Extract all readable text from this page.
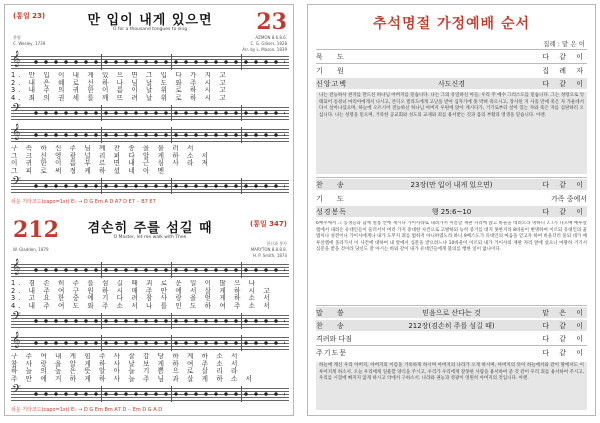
(통일 23)	만 입이 내게 있으면	23
O for a thousand tongues to sing
찬양
C. Wesley, 1739
AZMON 8.6.8.6.
C. G. Gläser, 1828
Arr. by L. Mason, 1839
𝄞
1. 만 입 이 내 게 있 으 면 그 입 다 가 지 고
2. 내 은 혜 로 신 하 나 님 날 도 와 주 시 고
3. 내 주 의 귀 한 이 름 이 날 위 로 하 시 고
4. 죄 의 권 세 를 깨 뜨 려 날 위 로 하 시 고
𝄢
𝄞
구 속 하 신 주 님 께 찬 송 을 불 러 서
그 크 신 영 광 널 리 펴 다 알 게 하 소 서
이 귀 한 이 름 부 르 면 내 근 심 사 라 져
그 피 로 써 정 케 하 셨 네 아 멘
𝄢
쉬운 기타코드(capo=1st) E♭ → D G Em A D A7 D E7 ·· B7 E7
212	겸손히 주를 섬길 때	(통일 347)
O Master, let me walk with Thee
W. Gladden, 1879
헌신과 봉사
MARYTON 8.8.8.8.
H. P. Smith, 1874
𝄞
1. 겸 손 히 주 를 섬 길 때 괴 로 운 일 이 많 으 나
2. 내 주 여 구 원 하 시 매 주 안 에 서 살 게 하 시 고
3. 고 요 한 중 에 기 다 려 참 사 랑 을 얻 게 하 소 서
4. 내 주 여 도 와 주 소 서 나 를 인 도 하 여 주 소 서
𝄢
𝄞
구 주 여 내 게 힘 주 사 잘 감 당 하 게 하 소 서
참 사 랑 을 알 게 하 사 날 보 게 하 여 주 소 서
하 늘 의 높 은 뜻 알 아 늘 기 쁨 으 로 살 리 라
주 안 에 거 하 게 하 사 늘 주 님 과 살 게 하 소 서
𝄢
쉬운 기타코드(capo=1st) E♭ → D G Em Bm A7 D ·· Em D G A D
추석명절 가정예배 순서
집례 : 맡 은 이
묵 도	다 같 이
기 원	집 례 자
신앙고백	사도신경	다 같 이
나는 전능하사 천지를 만드신 하나님 아버지를 믿습니다. 나는 그의 유일하신 아들, 우리 주 예수 그리스도를 믿습니다. 그는 성령으로 잉태되어 동정녀 마리아에게서 나시고, 본디오 빌라도에게 고난을 받아 십자가에 못 박혀 죽으시고, 장사된 지 사흘 만에 죽은 자 가운데서 다시 살아나셨으며, 하늘에 오르시어 전능하신 하나님 아버지 우편에 앉아 계시다가, 거기로부터 살아 있는 자와 죽은 자를 심판하러 오십니다. 나는 성령을 믿으며, 거룩한 공교회와 성도의 교제와 죄를 용서받는 것과 몸의 부활과 영생을 믿습니다. 아멘.
찬 송	23장(만 입이 내게 있으면)	다 같 이
기 도	가족 중에서
성경봉독	행 25:6~10	다 같 이
6예수께서 그 동생들과 함께 열흘 안에 계시다 가이사랴로 내려가서 이튿날 재판 자리에 앉고 바울을 데려오라 명하니 7그가 나오매 예루살렘에서 내려온 유대인들이 둘러서서 여러 가지 중대한 사건으로 고발하되 능히 증거를 대지 못한지라 8바울이 변명하여 이르되 유대인의 율법이나 성전이나 가이사에게나 내가 도무지 죄를 범하지 아니하였노라 하니 9베스도가 유대인의 마음을 얻고자 하여 바울더러 묻되 네가 예루살렘에 올라가서 이 사건에 대하여 내 앞에서 심문을 받으려느냐 10바울이 이르되 내가 가이사의 재판 자리 앞에 섰으니 마땅히 거기서 심문을 받을 것이라 당신도 잘 아시는 바와 같이 내가 유대인들에게 불의를 행한 일이 없나이다.
말 씀	믿음으로 산다는 것	맡 은 이
찬 송	212장(겸손히 주를 섬길 때)	다 같 이
격려와 다짐	다 같 이
주기도문	다 같 이
하늘에 계신 우리 아버지, 아버지의 이름을 거룩하게 하시며 아버지의 나라가 오게 하시며, 아버지의 뜻이 하늘에서와 같이 땅에서도 이루어지게 하소서. 오늘 우리에게 일용할 양식을 주시고, 우리가 우리에게 잘못한 사람을 용서하여 준 것 같이 우리 죄를 용서하여 주시고, 우리를 시험에 빠지지 않게 하시고 악에서 구하소서. 나라와 권능과 영광이 영원히 아버지의 것입니다. 아멘.
